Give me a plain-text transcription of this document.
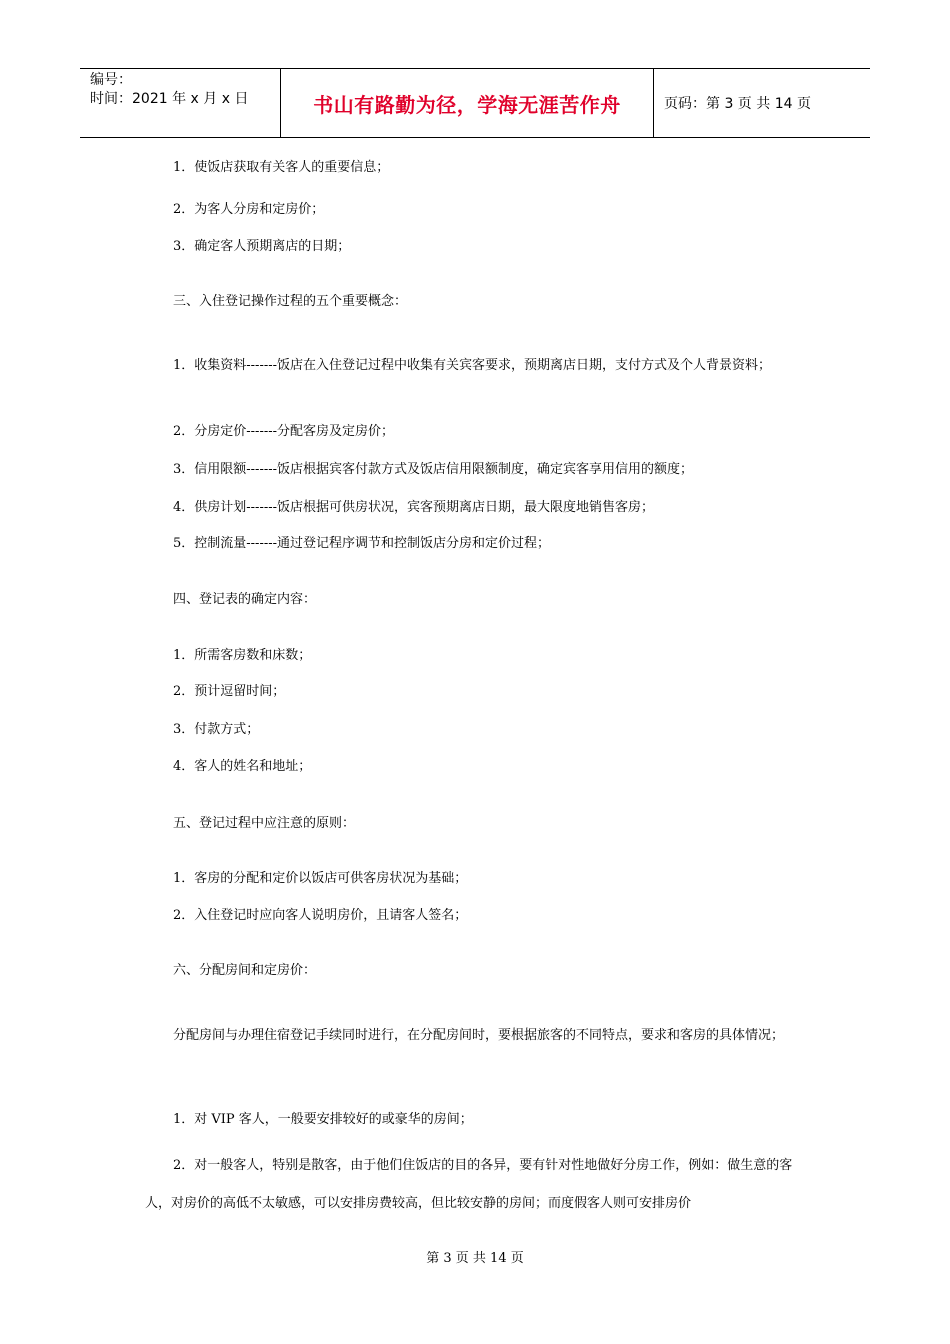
编号：
时间：2021 年 x 月 x 日	书山有路勤为径，学海无涯苦作舟	页码：第 3 页 共 14 页
1．使饭店获取有关客人的重要信息；
2．为客人分房和定房价；
3．确定客人预期离店的日期；
三、入住登记操作过程的五个重要概念：
1．收集资料-------饭店在入住登记过程中收集有关宾客要求，预期离店日期，支付方式及个人背景资料；
2．分房定价-------分配客房及定房价；
3．信用限额-------饭店根据宾客付款方式及饭店信用限额制度，确定宾客享用信用的额度；
4．供房计划-------饭店根据可供房状况，宾客预期离店日期，最大限度地销售客房；
5．控制流量-------通过登记程序调节和控制饭店分房和定价过程；
四、登记表的确定内容：
1．所需客房数和床数；
2．预计逗留时间；
3．付款方式；
4．客人的姓名和地址；
五、登记过程中应注意的原则：
1．客房的分配和定价以饭店可供客房状况为基础；
2．入住登记时应向客人说明房价，且请客人签名；
六、分配房间和定房价：
分配房间与办理住宿登记手续同时进行，在分配房间时，要根据旅客的不同特点，要求和客房的具体情况；
1．对 VIP 客人，一般要安排较好的或豪华的房间；
2．对一般客人，特别是散客，由于他们住饭店的目的各异，要有针对性地做好分房工作，例如：做生意的客人，对房价的高低不太敏感，可以安排房费较高，但比较安静的房间；而度假客人则可安排房价
第 3 页 共 14 页
